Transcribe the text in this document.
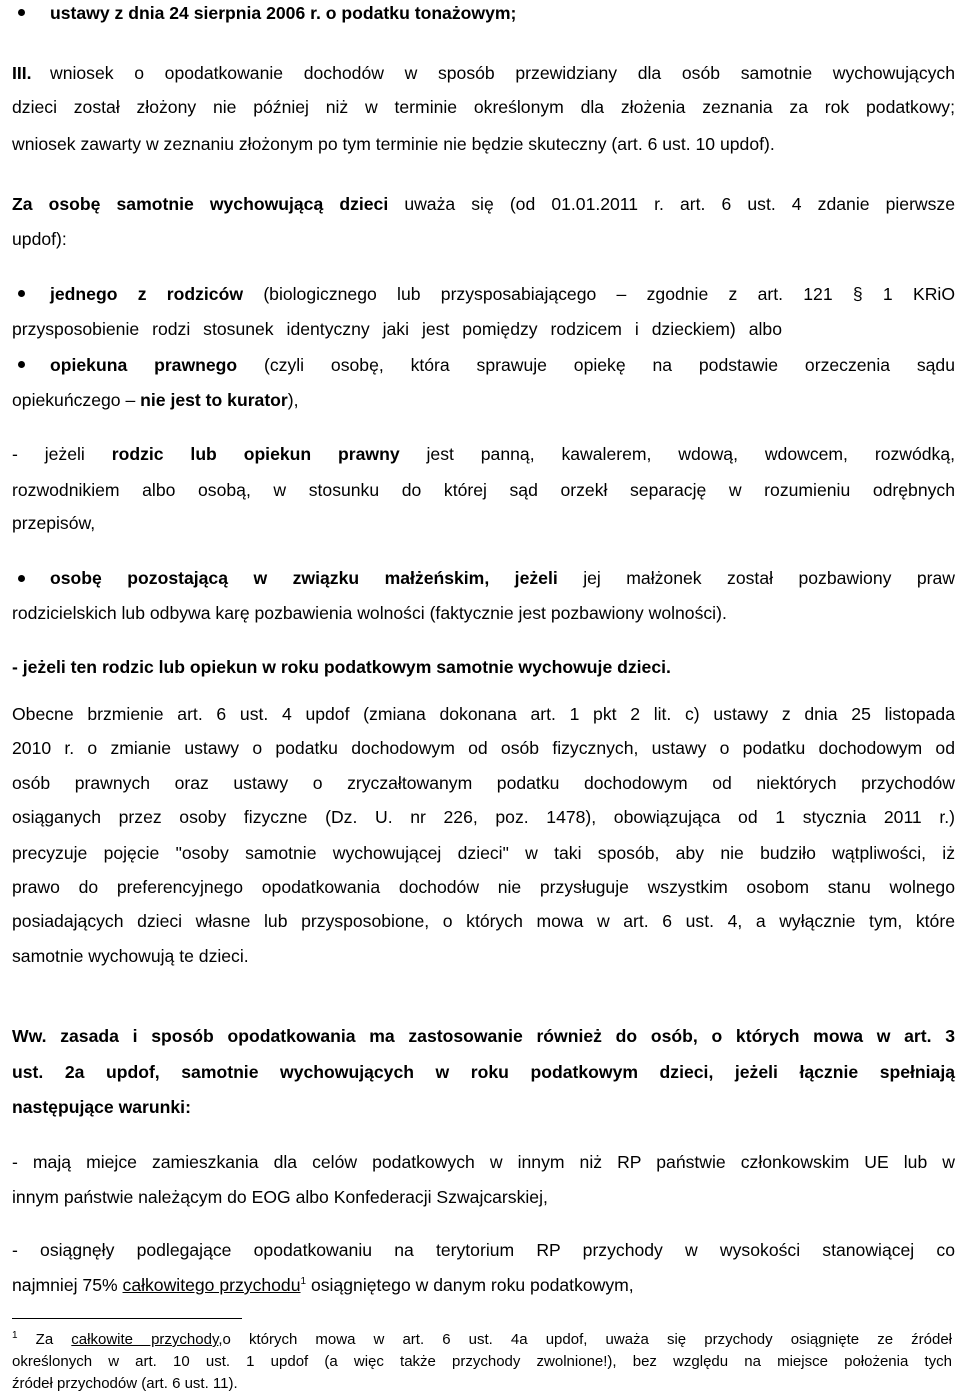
ustawy z dnia 24 sierpnia 2006 r. o podatku tonażowym;
III. wniosek o opodatkowanie dochodów w sposób przewidziany dla osób samotnie wychowujących
dzieci został złożony nie później niż w terminie określonym dla złożenia zeznania za rok podatkowy;
wniosek zawarty w zeznaniu złożonym po tym terminie nie będzie skuteczny (art. 6 ust. 10 updof).
Za osobę samotnie wychowującą dzieci uważa się (od 01.01.2011 r. art. 6 ust. 4 zdanie pierwsze
updof):
jednego z rodziców (biologicznego lub przysposabiającego – zgodnie z art. 121 § 1 KRiO
przysposobienie rodzi stosunek identyczny jaki jest pomiędzy rodzicem i dzieckiem) albo
opiekuna prawnego (czyli osobę, która sprawuje opiekę na podstawie orzeczenia sądu
opiekuńczego – nie jest to kurator),
- jeżeli rodzic lub opiekun prawny jest panną, kawalerem, wdową, wdowcem, rozwódką,
rozwodnikiem albo osobą, w stosunku do której sąd orzekł separację w rozumieniu odrębnych
przepisów,
osobę pozostającą w związku małżeńskim, jeżeli jej małżonek został pozbawiony praw
rodzicielskich lub odbywa karę pozbawienia wolności (faktycznie jest pozbawiony wolności).
- jeżeli ten rodzic lub opiekun w roku podatkowym samotnie wychowuje dzieci.
Obecne brzmienie art. 6 ust. 4 updof (zmiana dokonana art. 1 pkt 2 lit. c) ustawy z dnia 25 listopada
2010 r. o zmianie ustawy o podatku dochodowym od osób fizycznych, ustawy o podatku dochodowym od
osób prawnych oraz ustawy o zryczałtowanym podatku dochodowym od niektórych przychodów
osiąganych przez osoby fizyczne (Dz. U. nr 226, poz. 1478), obowiązująca od 1 stycznia 2011 r.)
precyzuje pojęcie "osoby samotnie wychowującej dzieci" w taki sposób, aby nie budziło wątpliwości, iż
prawo do preferencyjnego opodatkowania dochodów nie przysługuje wszystkim osobom stanu wolnego
posiadających dzieci własne lub przysposobione, o których mowa w art. 6 ust. 4, a wyłącznie tym, które
samotnie wychowują te dzieci.
Ww. zasada i sposób opodatkowania ma zastosowanie również do osób, o których mowa w art. 3
ust. 2a updof, samotnie wychowujących w roku podatkowym dzieci, jeżeli łącznie spełniają
następujące warunki:
- mają miejce zamieszkania dla celów podatkowych w innym niż RP państwie członkowskim UE lub w
innym państwie należącym do EOG albo Konfederacji Szwajcarskiej,
- osiągnęły podlegające opodatkowaniu na terytorium RP przychody w wysokości stanowiącej co
najmniej 75% całkowitego przychodu$^1$ osiągniętego w danym roku podatkowym,
$^1$ Za całkowite przychody,o których mowa w art. 6 ust. 4a updof, uważa się przychody osiągnięte ze źródeł
określonych w art. 10 ust. 1 updof (a więc także przychody zwolnione!), bez względu na miejsce położenia tych
źródeł przychodów (art. 6 ust. 11).
